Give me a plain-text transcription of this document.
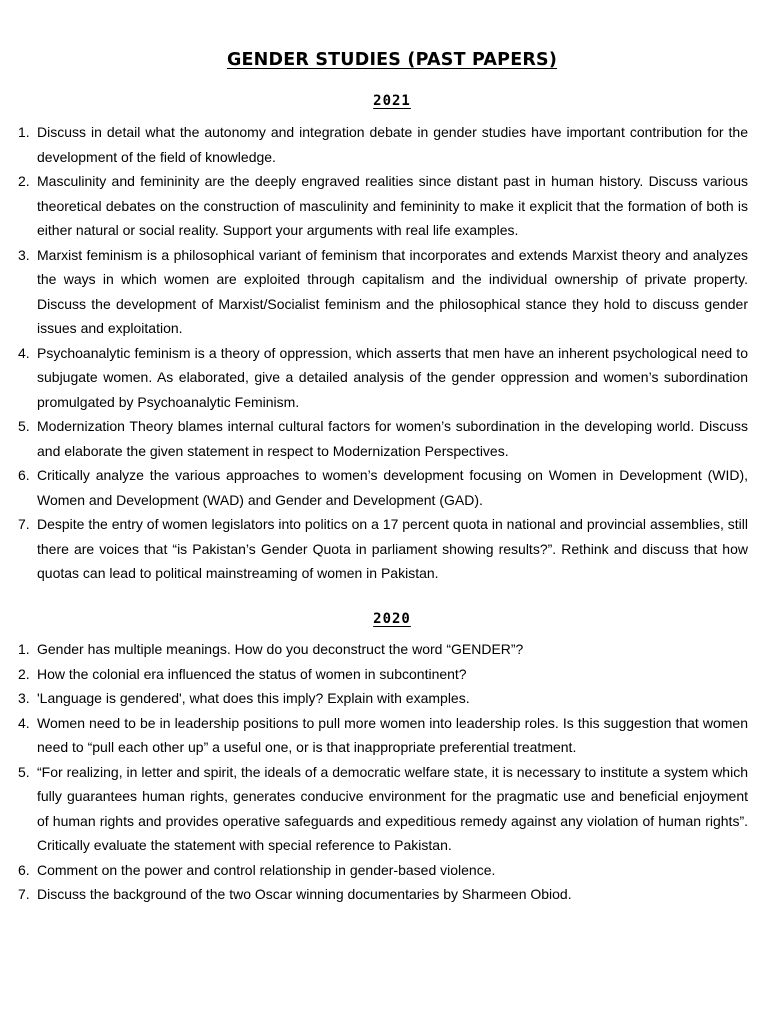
GENDER STUDIES (PAST PAPERS)
2021
1. Discuss in detail what the autonomy and integration debate in gender studies have important contribution for the development of the field of knowledge.
2. Masculinity and femininity are the deeply engraved realities since distant past in human history. Discuss various theoretical debates on the construction of masculinity and femininity to make it explicit that the formation of both is either natural or social reality. Support your arguments with real life examples.
3. Marxist feminism is a philosophical variant of feminism that incorporates and extends Marxist theory and analyzes the ways in which women are exploited through capitalism and the individual ownership of private property. Discuss the development of Marxist/Socialist feminism and the philosophical stance they hold to discuss gender issues and exploitation.
4. Psychoanalytic feminism is a theory of oppression, which asserts that men have an inherent psychological need to subjugate women. As elaborated, give a detailed analysis of the gender oppression and women’s subordination promulgated by Psychoanalytic Feminism.
5. Modernization Theory blames internal cultural factors for women’s subordination in the developing world. Discuss and elaborate the given statement in respect to Modernization Perspectives.
6. Critically analyze the various approaches to women’s development focusing on Women in Development (WID), Women and Development (WAD) and Gender and Development (GAD).
7. Despite the entry of women legislators into politics on a 17 percent quota in national and provincial assemblies, still there are voices that “is Pakistan’s Gender Quota in parliament showing results?”. Rethink and discuss that how quotas can lead to political mainstreaming of women in Pakistan.
2020
1. Gender has multiple meanings. How do you deconstruct the word “GENDER”?
2. How the colonial era influenced the status of women in subcontinent?
3. 'Language is gendered', what does this imply? Explain with examples.
4. Women need to be in leadership positions to pull more women into leadership roles. Is this suggestion that women need to “pull each other up” a useful one, or is that inappropriate preferential treatment.
5. “For realizing, in letter and spirit, the ideals of a democratic welfare state, it is necessary to institute a system which fully guarantees human rights, generates conducive environment for the pragmatic use and beneficial enjoyment of human rights and provides operative safeguards and expeditious remedy against any violation of human rights”. Critically evaluate the statement with special reference to Pakistan.
6. Comment on the power and control relationship in gender-based violence.
7. Discuss the background of the two Oscar winning documentaries by Sharmeen Obiod.
